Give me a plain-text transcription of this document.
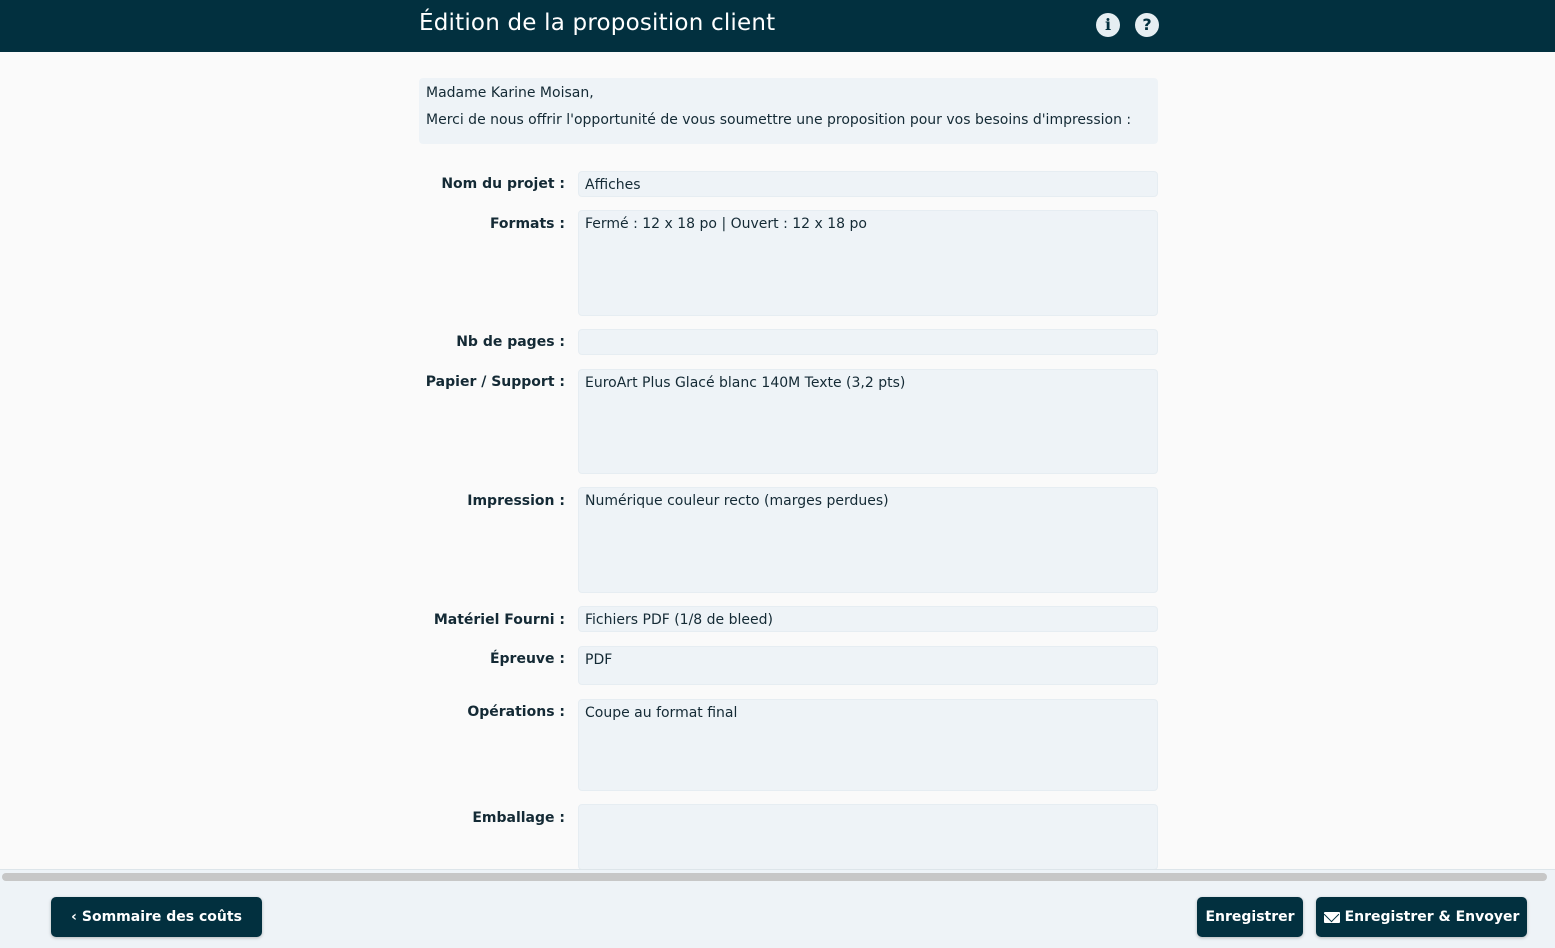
Édition de la proposition client	i	?

Madame Karine Moisan,

Merci de nous offrir l'opportunité de vous soumettre une proposition pour vos besoins d'impression :

Nom du projet :	Affiches
Formats :	Fermé : 12 x 18 po | Ouvert : 12 x 18 po
Nb de pages :
Papier / Support :	EuroArt Plus Glacé blanc 140M Texte (3,2 pts)
Impression :	Numérique couleur recto (marges perdues)
Matériel Fourni :	Fichiers PDF (1/8 de bleed)
Épreuve :	PDF
Opérations :	Coupe au format final
Emballage :
‹ Sommaire des coûts	Enregistrer	Enregistrer & Envoyer
